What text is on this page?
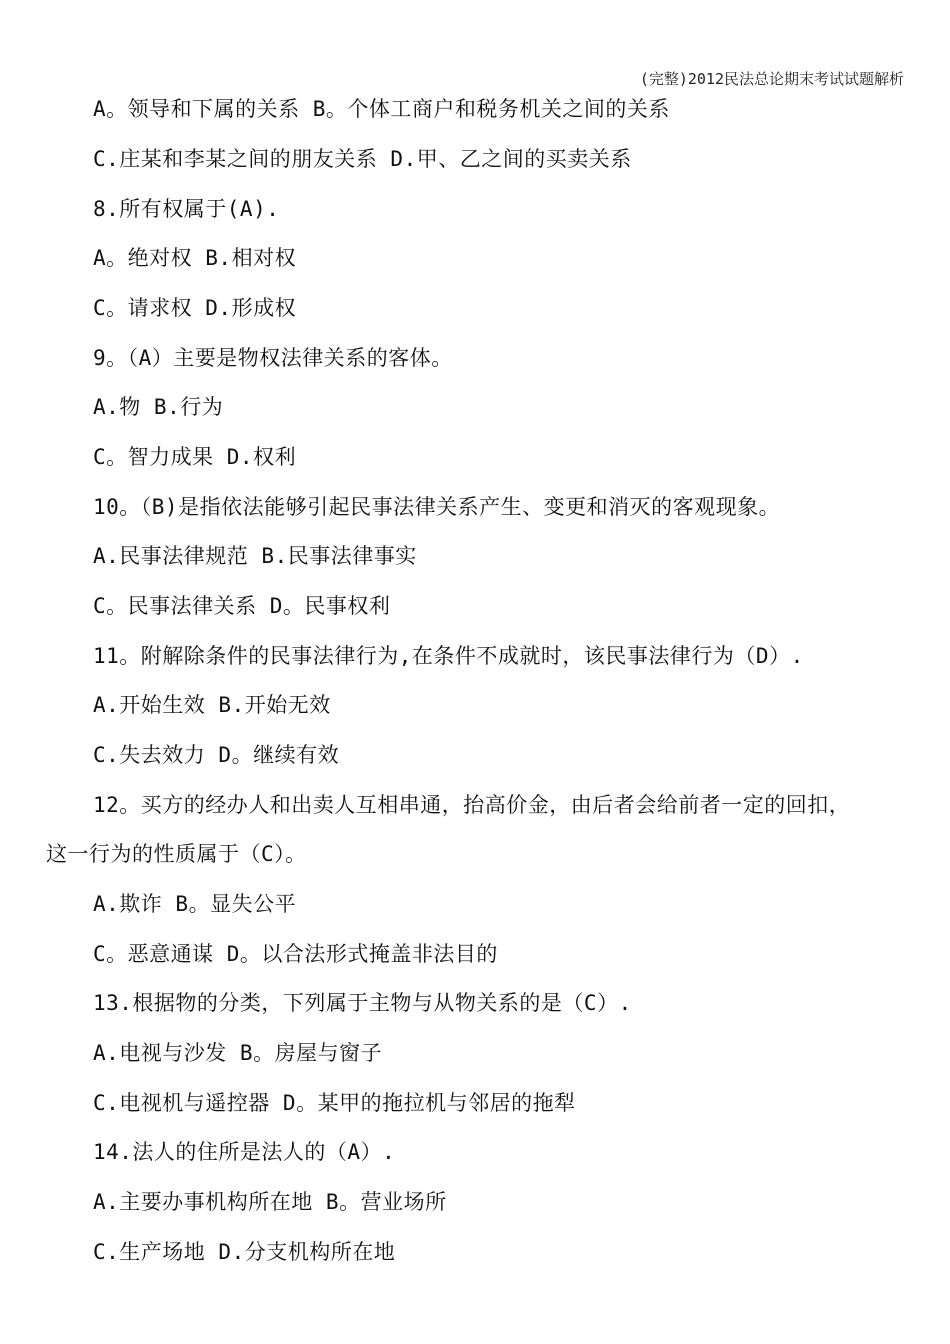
(完整)2012民法总论期末考试试题解析
A。领导和下属的关系 B。个体工商户和税务机关之间的关系
C.庄某和李某之间的朋友关系 D.甲、乙之间的买卖关系
8.所有权属于(A).
A。绝对权 B.相对权
C。请求权 D.形成权
9。（A）主要是物权法律关系的客体。
A.物 B.行为
C。智力成果 D.权利
10。（B)是指依法能够引起民事法律关系产生、变更和消灭的客观现象。
A.民事法律规范 B.民事法律事实
C。民事法律关系 D。民事权利
11。附解除条件的民事法律行为,在条件不成就时，该民事法律行为（D）.
A.开始生效 B.开始无效
C.失去效力 D。继续有效
12。买方的经办人和出卖人互相串通，抬高价金，由后者会给前者一定的回扣，
这一行为的性质属于（C）。
A.欺诈 B。显失公平
C。恶意通谋 D。以合法形式掩盖非法目的
13.根据物的分类，下列属于主物与从物关系的是（C）.
A.电视与沙发 B。房屋与窗子
C.电视机与遥控器 D。某甲的拖拉机与邻居的拖犁
14.法人的住所是法人的（A）.
A.主要办事机构所在地 B。营业场所
C.生产场地 D.分支机构所在地
